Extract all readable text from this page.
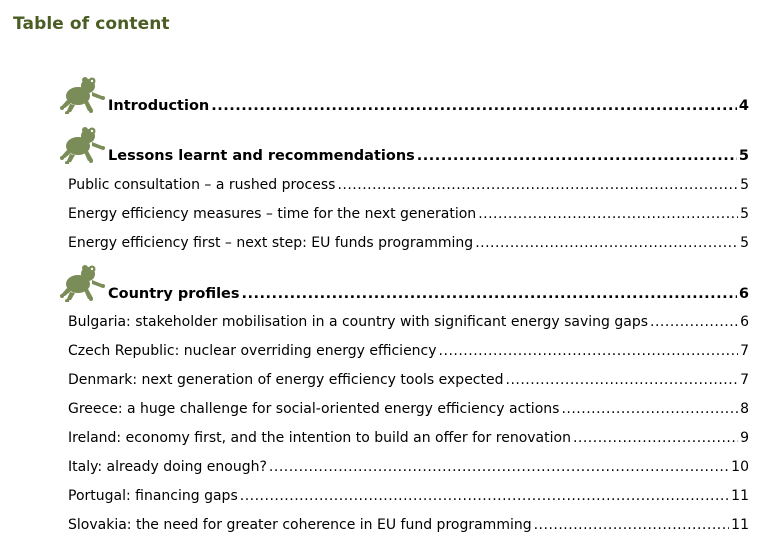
Table of content
Introduction .....	4
Lessons learnt and recommendations .....	5
Public consultation – a rushed process .....	5
Energy efficiency measures – time for the next generation .....	5
Energy efficiency first – next step: EU funds programming .....	5
Country profiles .....	6
Bulgaria: stakeholder mobilisation in a country with significant energy saving gaps .....	6
Czech Republic: nuclear overriding energy efficiency .....	7
Denmark: next generation of energy efficiency tools expected .....	7
Greece: a huge challenge for social-oriented energy efficiency actions .....	8
Ireland: economy first, and the intention to build an offer for renovation .....	9
Italy: already doing enough? .....	10
Portugal: financing gaps .....	11
Slovakia: the need for greater coherence in EU fund programming .....	11
